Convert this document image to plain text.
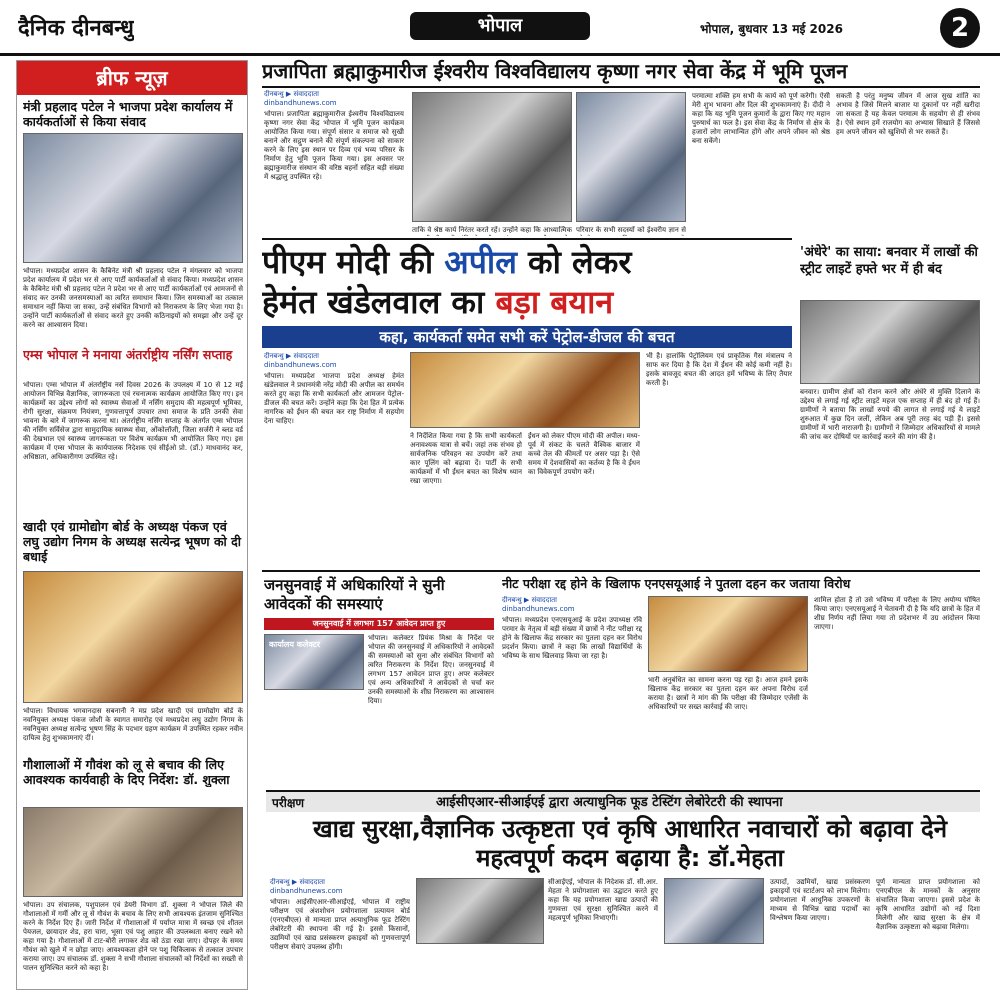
दैनिक दीनबन्धु	भोपाल	भोपाल, बुधवार 13 मई 2026	2
ब्रीफ न्यूज़
मंत्री प्रहलाद पटेल ने भाजपा प्रदेश कार्यालय में कार्यकर्ताओं से किया संवाद
भोपाल। मध्यप्रदेश शासन के कैबिनेट मंत्री श्री प्रहलाद पटेल ने मंगलवार को भाजपा प्रदेश कार्यालय में प्रदेश भर से आए पार्टी कार्यकर्ताओं से संवाद किया। मध्यप्रदेश शासन के कैबिनेट मंत्री श्री प्रहलाद पटेल ने प्रदेश भर से आए पार्टी कार्यकर्ताओं एवं आमजनों से संवाद कर उनकी जनसमस्याओं का त्वरित समाधान किया। जिन समस्याओं का तत्काल समाधान नहीं किया जा सका, उन्हें संबंधित विभागों को निराकरण के लिए भेजा गया है। उन्होंने पार्टी कार्यकर्ताओं से संवाद करते हुए उनकी कठिनाइयों को समझा और उन्हें दूर करने का आश्वासन दिया।
एम्स भोपाल ने मनाया अंतर्राष्ट्रीय नर्सिंग सप्ताह
भोपाल। एम्स भोपाल में अंतर्राष्ट्रीय नर्स दिवस 2026 के उपलक्ष्य में 10 से 12 मई आयोजन विभिन्न वैज्ञानिक, जागरूकता एवं रचनात्मक कार्यक्रम आयोजित किए गए। इन कार्यक्रमों का उद्देश्य लोगों को स्वास्थ्य सेवाओं में नर्सिंग समुदाय की महत्वपूर्ण भूमिका, रोगी सुरक्षा, संक्रमण नियंत्रण, गुणवत्तापूर्ण उपचार तथा समाज के प्रति उनकी सेवा भावना के बारे में जागरूक करना था। अंतर्राष्ट्रीय नर्सिंग सप्ताह के अंतर्गत एम्स भोपाल की नर्सिंग सर्विसेज द्वारा सामुदायिक स्वास्थ्य सेवा, ओंकोलॉजी, जिला सर्जरी ने ब्लड वर्ड की देखभाल एवं स्वास्थ्य जागरूकता पर विशेष कार्यक्रम भी आयोजित किए गए। इस कार्यक्रम में एम्स भोपाल के कार्यपालक निदेशक एवं सीईओ प्रो. (डॉ.) माधवानंद कर, अधिष्ठाता, अधिकारीगण उपस्थित रहे।
खादी एवं ग्रामोद्योग बोर्ड के अध्यक्ष पंकज एवं लघु उद्योग निगम के अध्यक्ष सत्येन्द्र भूषण को दी बधाई
भोपाल। विधायक भगवानदास सबनानी ने मप्र प्रदेश खादी एवं ग्रामोद्योग बोर्ड के नवनियुक्त अध्यक्ष पंकज जोशी के स्वागत समारोह एवं मध्यप्रदेश लघु उद्योग निगम के नवनियुक्त अध्यक्ष सत्येन्द्र भूषण सिंह के पदभार ग्रहण कार्यक्रम में उपस्थित रहकर नवीन दायित्व हेतु शुभकामनाएं दीं।
गौशालाओं में गौवंश को लू से बचाव की लिए आवश्यक कार्यवाही के दिए निर्देश: डॉ. शुक्ला
भोपाल। उप संचालक, पशुपालन एवं डेयरी विभाग डॉ. शुक्ला ने भोपाल जिले की गौशालाओं में गर्मी और लू से गौवंश के बचाव के लिए सभी आवश्यक इंतजाम सुनिश्चित करने के निर्देश दिए हैं। जारी निर्देश में गौशालाओं में पर्याप्त मात्रा में स्वच्छ एवं शीतल पेयजल, छायादार शेड, हरा चारा, भूसा एवं पशु आहार की उपलब्धता बनाए रखने को कहा गया है। गौशालाओं में टाट-बोरी लगाकर शेड को ठंडा रखा जाए। दोपहर के समय गौवंश को खुले में न छोड़ा जाए। आवश्यकता होने पर पशु चिकित्सक से तत्काल उपचार कराया जाए। उप संचालक डॉ. शुक्ला ने सभी गौशाला संचालकों को निर्देशों का सख्ती से पालन सुनिश्चित करने को कहा है।
प्रजापिता ब्रह्माकुमारीज ईश्वरीय विश्वविद्यालय कृष्णा नगर सेवा केंद्र में भूमि पूजन
दीनबन्धु ▶ संवाददाता
dinbandhunews.com
भोपाल। प्रजापिता ब्रह्माकुमारीज ईश्वरीय विश्वविद्यालय कृष्णा नगर सेवा केंद्र भोपाल में भूमि पूजन कार्यक्रम आयोजित किया गया। संपूर्ण संसार व समाज को सुखी बनाने और सद्गुण बनाने की संपूर्ण संकल्पना को साकार करने के लिए इस स्थान पर दिव्य एवं भव्य परिसर के निर्माण हेतु भूमि पूजन किया गया। इस अवसर पर ब्रह्माकुमारीज संस्थान की वरिष्ठ बहनों सहित बड़ी संख्या में श्रद्धालु उपस्थित रहे।
ताकि वे श्रेष्ठ कार्य निरंतर करते रहें। उन्होंने कहा कि आध्यात्मिक परिवार के सभी सदस्यों को ईश्वरीय ज्ञान से
परमात्मा शक्ति हम सभी के कार्य को पूर्ण करेगी। ऐसी मेरी शुभ भावना और दिल की शुभकामनाएं हैं। दीदी ने कहा कि यह भूमि पूजन कुमारों के द्वारा किए गए महान पुरुषार्थ का फल है। इस सेवा केंद्र के निर्माण से क्षेत्र के हजारों लोग लाभान्वित होंगे और अपने जीवन को श्रेष्ठ बना सकेंगे।
सकती है परंतु मनुष्य जीवन में आज सुख शांति का अभाव है जिसे मिलने बाजार या दुकानों पर नहीं खरीदा जा सकता है यह केवल परमात्म के सहयोग से ही संभव है। ऐसे स्थान हमें राजयोग का अभ्यास सिखाते हैं जिससे हम अपने जीवन को खुशियों से भर सकते हैं।
पीएम मोदी की अपील को लेकर
हेमंत खंडेलवाल का बड़ा बयान
कहा, कार्यकर्ता समेत सभी करें पेट्रोल-डीजल की बचत
दीनबन्धु ▶ संवाददाता
dinbandhunews.com
भोपाल। मध्यप्रदेश भाजपा प्रदेश अध्यक्ष हेमंत खंडेलवाल ने प्रधानमंत्री नरेंद्र मोदी की अपील का समर्थन करते हुए कहा कि सभी कार्यकर्ता और आमजन पेट्रोल-डीजल की बचत करें। उन्होंने कहा कि देश हित में प्रत्येक नागरिक को ईंधन की बचत कर राष्ट्र निर्माण में सहयोग देना चाहिए।
ने निर्देशित किया गया है कि सभी कार्यकर्ता अनावश्यक यात्रा से बचें। जहां तक संभव हो सार्वजनिक परिवहन का उपयोग करें तथा कार पूलिंग को बढ़ावा दें। पार्टी के सभी कार्यक्रमों में भी ईंधन बचत का विशेष ध्यान रखा जाएगा।
ईंधन को लेकर पीएम मोदी की अपील। मध्य-पूर्व में संकट के चलते वैश्विक बाजार में कच्चे तेल की कीमतों पर असर पड़ा है। ऐसे समय में देशवासियों का कर्तव्य है कि वे ईंधन का विवेकपूर्ण उपयोग करें।
भी है। हालांकि पेट्रोलियम एवं प्राकृतिक गैस मंत्रालय ने साफ कर दिया है कि देश में ईंधन की कोई कमी नहीं है। इसके बावजूद बचत की आदत हमें भविष्य के लिए तैयार करती है।
'अंधेरे' का साया: बनवार में लाखों की स्ट्रीट लाइटें हफ्ते भर में ही बंद
बनवार। ग्रामीण क्षेत्रों को रोशन करने और अंधेरे से मुक्ति दिलाने के उद्देश्य से लगाई गई स्ट्रीट लाइटें महज एक सप्ताह में ही बंद हो गई हैं। ग्रामीणों ने बताया कि लाखों रुपये की लागत से लगाई गई ये लाइटें शुरुआत में कुछ दिन जलीं, लेकिन अब पूरी तरह बंद पड़ी हैं। इससे ग्रामीणों में भारी नाराजगी है। ग्रामीणों ने जिम्मेदार अधिकारियों से मामले की जांच कर दोषियों पर कार्रवाई करने की मांग की है।
जनसुनवाई में अधिकारियों ने सुनी आवेदकों की समस्याएं
जनसुनवाई में लगभग 157 आवेदन प्राप्त हुए
कार्यालय कलेक्टर
भोपाल। कलेक्टर प्रियंक मिश्रा के निर्देश पर भोपाल की जनसुनवाई में अधिकारियों ने आवेदकों की समस्याओं को सुना और संबंधित विभागों को त्वरित निराकरण के निर्देश दिए। जनसुनवाई में लगभग 157 आवेदन प्राप्त हुए। अपर कलेक्टर एवं अन्य अधिकारियों ने आवेदकों से चर्चा कर उनकी समस्याओं के शीघ्र निराकरण का आश्वासन दिया।
नीट परीक्षा रद्द होने के खिलाफ एनएसयूआई ने पुतला दहन कर जताया विरोध
दीनबन्धु ▶ संवाददाता
dinbandhunews.com
भोपाल। मध्यप्रदेश एनएसयूआई के प्रदेश उपाध्यक्ष रवि परमार के नेतृत्व में बड़ी संख्या में छात्रों ने नीट परीक्षा रद्द होने के खिलाफ केंद्र सरकार का पुतला दहन कर विरोध प्रदर्शन किया। छात्रों ने कहा कि लाखों विद्यार्थियों के भविष्य के साथ खिलवाड़ किया जा रहा है।
भारी अनुबंधित का सामना करना पड़ रहा है। आज हमने इसके खिलाफ केंद्र सरकार का पुतला दहन कर अपना विरोध दर्ज कराया है। छात्रों ने मांग की कि परीक्षा की जिम्मेदार एजेंसी के अधिकारियों पर सख्त कार्रवाई की जाए।
शामिल होता है तो उसे भविष्य में परीक्षा के लिए अयोग्य घोषित किया जाए। एनएसयूआई ने चेतावनी दी है कि यदि छात्रों के हित में शीघ्र निर्णय नहीं लिया गया तो प्रदेशभर में उग्र आंदोलन किया जाएगा।
परीक्षण	आईसीएआर-सीआईएई द्वारा अत्याधुनिक फूड टेस्टिंग लेबोरेटरी की स्थापना
खाद्य सुरक्षा,वैज्ञानिक उत्कृष्टता एवं कृषि आधारित नवाचारों को बढ़ावा देने महत्वपूर्ण कदम बढ़ाया है: डॉ.मेहता
दीनबन्धु ▶ संवाददाता
dinbandhunews.com
भोपाल। आईसीएआर-सीआईएई, भोपाल में राष्ट्रीय परीक्षण एवं अंशशोधन प्रयोगशाला प्रत्यायन बोर्ड (एनएबीएल) से मान्यता प्राप्त अत्याधुनिक फूड टेस्टिंग लेबोरेटरी की स्थापना की गई है। इससे किसानों, उद्यमियों एवं खाद्य प्रसंस्करण इकाइयों को गुणवत्तापूर्ण परीक्षण सेवाएं उपलब्ध होंगी।
सीआईएई, भोपाल के निदेशक डॉ. सी.आर. मेहता ने प्रयोगशाला का उद्घाटन करते हुए कहा कि यह प्रयोगशाला खाद्य उत्पादों की गुणवत्ता एवं सुरक्षा सुनिश्चित करने में महत्वपूर्ण भूमिका निभाएगी।
उत्पादों, उद्यमियों, खाद्य प्रसंस्करण इकाइयों एवं स्टार्टअप को लाभ मिलेगा। प्रयोगशाला में आधुनिक उपकरणों के माध्यम से विभिन्न खाद्य पदार्थों का विश्लेषण किया जाएगा।
पूर्ण मान्यता प्राप्त प्रयोगशाला को एनएबीएल के मानकों के अनुसार संचालित किया जाएगा। इससे प्रदेश के कृषि आधारित उद्योगों को नई दिशा मिलेगी और खाद्य सुरक्षा के क्षेत्र में वैज्ञानिक उत्कृष्टता को बढ़ावा मिलेगा।
